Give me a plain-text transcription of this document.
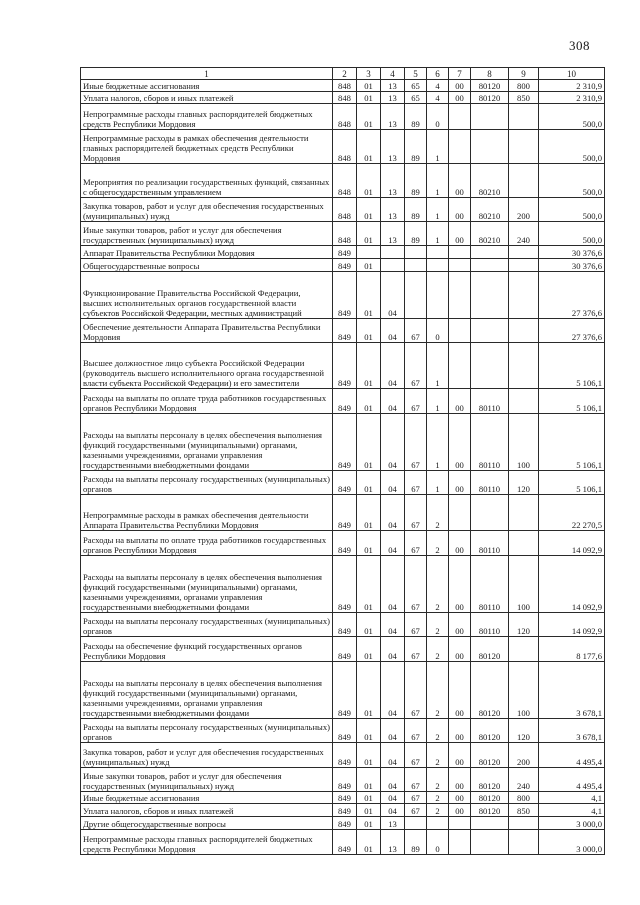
308
1	2	3	4	5	6	7	8	9	10
Иные бюджетные ассигнования	848	01	13	65	4	00	80120	800	2 310,9
Уплата налогов, сборов и иных платежей	848	01	13	65	4	00	80120	850	2 310,9
Непрограммные расходы главных распорядителей бюджетных средств Республики Мордовия	848	01	13	89	0				500,0
Непрограммные расходы в рамках обеспечения деятельности главных распорядителей бюджетных средств Республики Мордовия	848	01	13	89	1				500,0
Мероприятия по реализации государственных функций, связанных с общегосударственным управлением	848	01	13	89	1	00	80210		500,0
Закупка товаров, работ и услуг для обеспечения государственных (муниципальных) нужд	848	01	13	89	1	00	80210	200	500,0
Иные закупки товаров, работ и услуг для обеспечения государственных (муниципальных) нужд	848	01	13	89	1	00	80210	240	500,0
Аппарат Правительства Республики Мордовия	849								30 376,6
Общегосударственные вопросы	849	01							30 376,6
Функционирование Правительства Российской Федерации, высших исполнительных органов государственной власти субъектов Российской Федерации, местных администраций	849	01	04						27 376,6
Обеспечение деятельности Аппарата Правительства Республики Мордовия	849	01	04	67	0				27 376,6
Высшее должностное лицо субъекта Российской Федерации (руководитель высшего исполнительного органа государственной власти субъекта Российской Федерации) и его заместители	849	01	04	67	1				5 106,1
Расходы на выплаты по оплате труда работников государственных органов Республики Мордовия	849	01	04	67	1	00	80110		5 106,1
Расходы на выплаты персоналу в целях обеспечения выполнения функций государственными (муниципальными) органами, казенными учреждениями, органами управления государственными внебюджетными фондами	849	01	04	67	1	00	80110	100	5 106,1
Расходы на выплаты персоналу государственных (муниципальных) органов	849	01	04	67	1	00	80110	120	5 106,1
Непрограммные расходы в рамках обеспечения деятельности Аппарата Правительства Республики Мордовия	849	01	04	67	2				22 270,5
Расходы на выплаты по оплате труда работников государственных органов Республики Мордовия	849	01	04	67	2	00	80110		14 092,9
Расходы на выплаты персоналу в целях обеспечения выполнения функций государственными (муниципальными) органами, казенными учреждениями, органами управления государственными внебюджетными фондами	849	01	04	67	2	00	80110	100	14 092,9
Расходы на выплаты персоналу государственных (муниципальных) органов	849	01	04	67	2	00	80110	120	14 092,9
Расходы на обеспечение функций государственных органов Республики Мордовия	849	01	04	67	2	00	80120		8 177,6
Расходы на выплаты персоналу в целях обеспечения выполнения функций государственными (муниципальными) органами, казенными учреждениями, органами управления государственными внебюджетными фондами	849	01	04	67	2	00	80120	100	3 678,1
Расходы на выплаты персоналу государственных (муниципальных) органов	849	01	04	67	2	00	80120	120	3 678,1
Закупка товаров, работ и услуг для обеспечения государственных (муниципальных) нужд	849	01	04	67	2	00	80120	200	4 495,4
Иные закупки товаров, работ и услуг для обеспечения государственных (муниципальных) нужд	849	01	04	67	2	00	80120	240	4 495,4
Иные бюджетные ассигнования	849	01	04	67	2	00	80120	800	4,1
Уплата налогов, сборов и иных платежей	849	01	04	67	2	00	80120	850	4,1
Другие общегосударственные вопросы	849	01	13						3 000,0
Непрограммные расходы главных распорядителей бюджетных средств Республики Мордовия	849	01	13	89	0				3 000,0
